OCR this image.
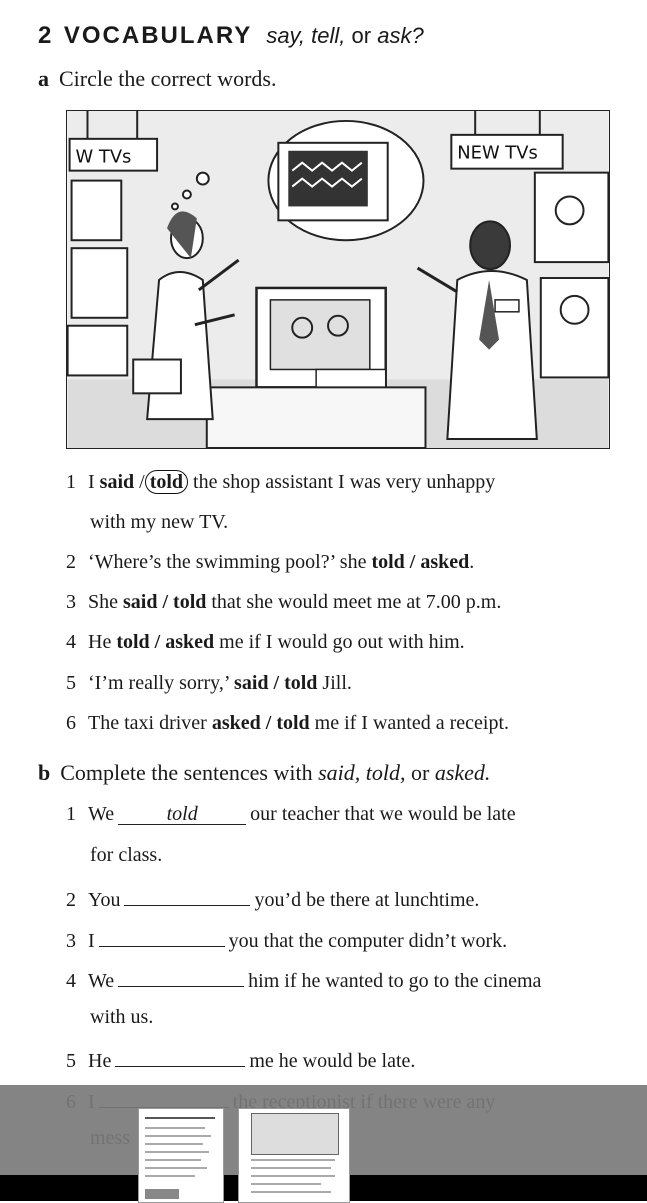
2 VOCABULARY say, tell, or ask?
a Circle the correct words.
W TVs	NEW TVs
1 I said / told the shop assistant I was very unhappy
with my new TV.
2 ‘Where’s the swimming pool?’ she told / asked.
3 She said / told that she would meet me at 7.00 p.m.
4 He told / asked me if I would go out with him.
5 ‘I’m really sorry,’ said / told Jill.
6 The taxi driver asked / told me if I wanted a receipt.
b Complete the sentences with said, told, or asked.
1 We	told	our teacher that we would be late
for class.
2 You	you’d be there at lunchtime.
3 I	you that the computer didn’t work.
4 We	him if he wanted to go to the cinema
with us.
5 He	me he would be late.
